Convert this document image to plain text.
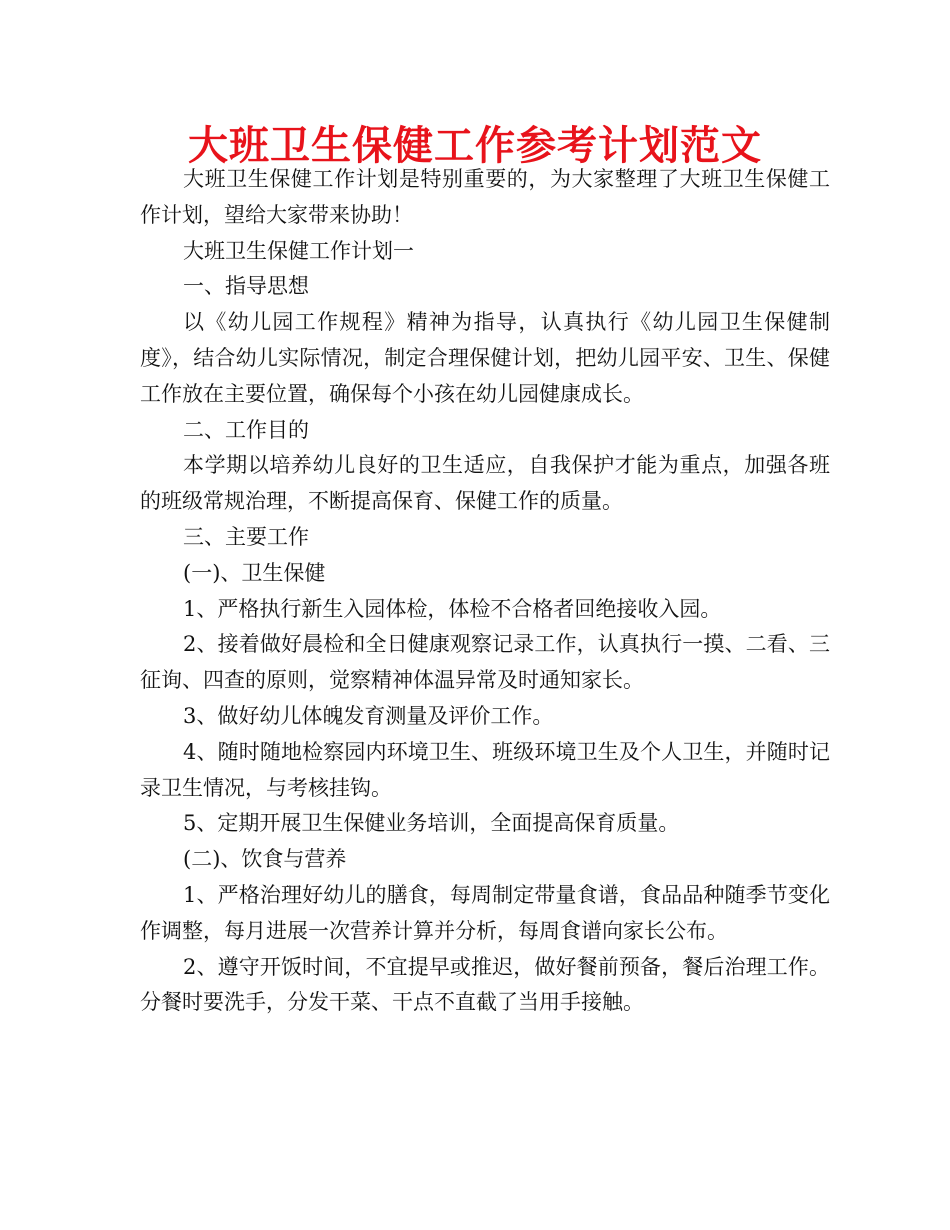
大班卫生保健工作参考计划范文

大班卫生保健工作计划是特别重要的，为大家整理了大班卫生保健工作计划，望给大家带来协助！

大班卫生保健工作计划一

一、指导思想

以《幼儿园工作规程》精神为指导，认真执行《幼儿园卫生保健制度》，结合幼儿实际情况，制定合理保健计划，把幼儿园平安、卫生、保健工作放在主要位置，确保每个小孩在幼儿园健康成长。

二、工作目的

本学期以培养幼儿良好的卫生适应，自我保护才能为重点，加强各班的班级常规治理，不断提高保育、保健工作的质量。

三、主要工作

(一)、卫生保健

1、严格执行新生入园体检，体检不合格者回绝接收入园。

2、接着做好晨检和全日健康观察记录工作，认真执行一摸、二看、三征询、四查的原则，觉察精神体温异常及时通知家长。

3、做好幼儿体魄发育测量及评价工作。

4、随时随地检察园内环境卫生、班级环境卫生及个人卫生，并随时记录卫生情况，与考核挂钩。

5、定期开展卫生保健业务培训，全面提高保育质量。

(二)、饮食与营养

1、严格治理好幼儿的膳食，每周制定带量食谱，食品品种随季节变化作调整，每月进展一次营养计算并分析，每周食谱向家长公布。

2、遵守开饭时间，不宜提早或推迟，做好餐前预备，餐后治理工作。分餐时要洗手，分发干菜、干点不直截了当用手接触。
